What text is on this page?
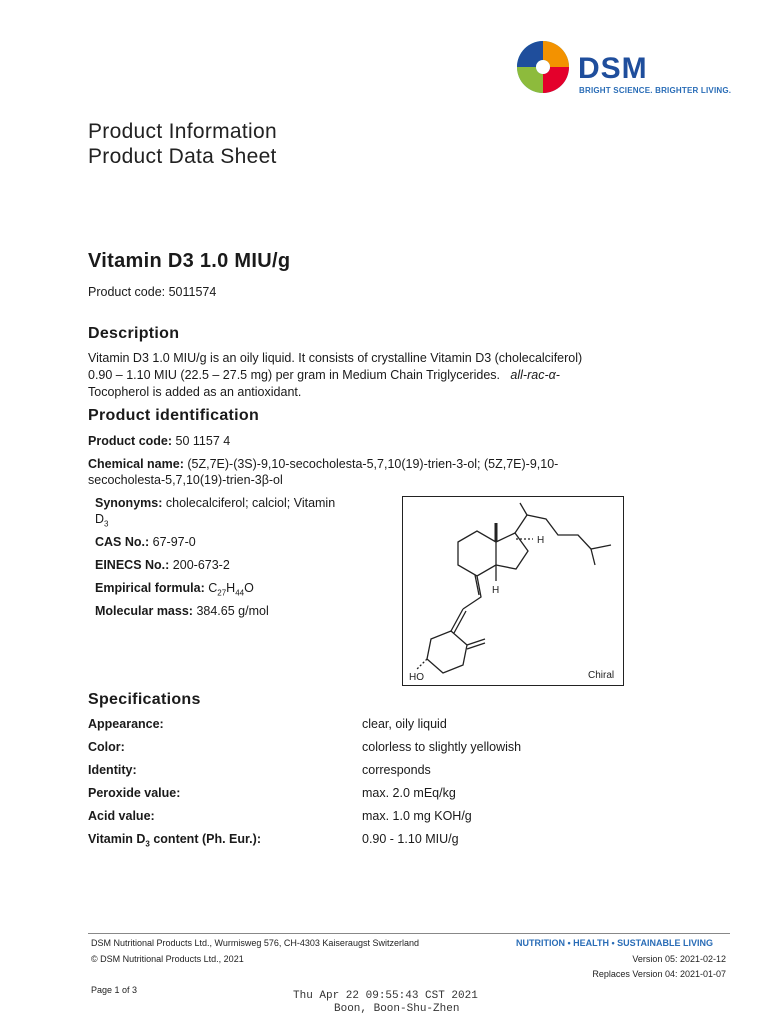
DSM
BRIGHT SCIENCE. BRIGHTER LIVING.
Product Information
Product Data Sheet
Vitamin D3 1.0 MIU/g
Product code: 5011574
Description
Vitamin D3 1.0 MIU/g is an oily liquid. It consists of crystalline Vitamin D3 (cholecalciferol)
0.90 – 1.10 MIU (22.5 – 27.5 mg) per gram in Medium Chain Triglycerides. all-rac-α-
Tocopherol is added as an antioxidant.
Product identification
Product code: 50 1157 4
Chemical name: (5Z,7E)-(3S)-9,10-secocholesta-5,7,10(19)-trien-3-ol; (5Z,7E)-9,10-
secocholesta-5,7,10(19)-trien-3β-ol
Synonyms: cholecalciferol; calciol; Vitamin
$D_3$
CAS No.: 67-97-0
EINECS No.: 200-673-2
Empirical formula: $C_{27}H_{44}O$
Molecular mass: 384.65 g/mol
HO
H
H
Chiral
Specifications
Appearance:	clear, oily liquid
Color:	colorless to slightly yellowish
Identity:	corresponds
Peroxide value:	max. 2.0 mEq/kg
Acid value:	max. 1.0 mg KOH/g
Vitamin $D_3$ content (Ph. Eur.):	0.90 - 1.10 MIU/g
DSM Nutritional Products Ltd., Wurmisweg 576, CH-4303 Kaiseraugst Switzerland	NUTRITION • HEALTH • SUSTAINABLE LIVING
© DSM Nutritional Products Ltd., 2021	Version 05: 2021-02-12
Replaces Version 04: 2021-01-07
Page 1 of 3	Thu Apr 22 09:55:43 CST 2021
Boon, Boon-Shu-Zhen
